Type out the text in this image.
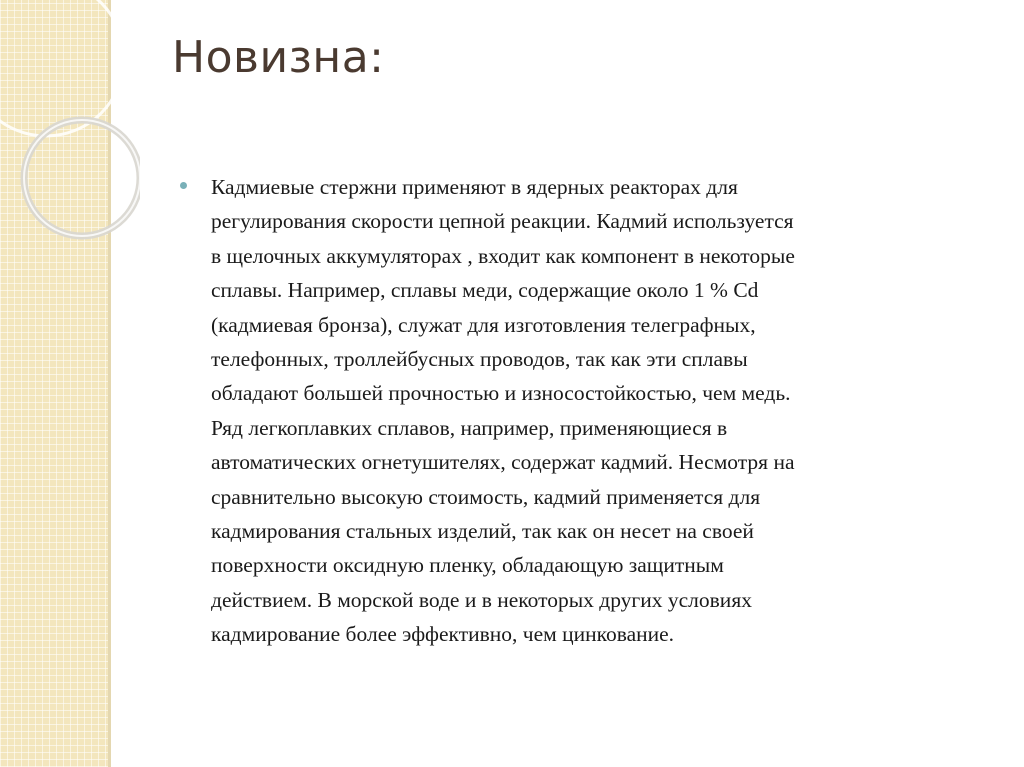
Новизна:

Кадмиевые стержни применяют в ядерных реакторах для
регулирования скорости цепной реакции. Кадмий используется
в щелочных аккумуляторах , входит как компонент в некоторые
сплавы. Например, сплавы меди, содержащие около 1 % Cd
(кадмиевая бронза), служат для изготовления телеграфных,
телефонных, троллейбусных проводов, так как эти сплавы
обладают большей прочностью и износостойкостью, чем медь.
Ряд легкоплавких сплавов, например, применяющиеся в
автоматических огнетушителях, содержат кадмий. Несмотря на
сравнительно высокую стоимость, кадмий применяется для
кадмирования стальных изделий, так как он несет на своей
поверхности оксидную пленку, обладающую защитным
действием. В морской воде и в некоторых других условиях
кадмирование более эффективно, чем цинкование.
